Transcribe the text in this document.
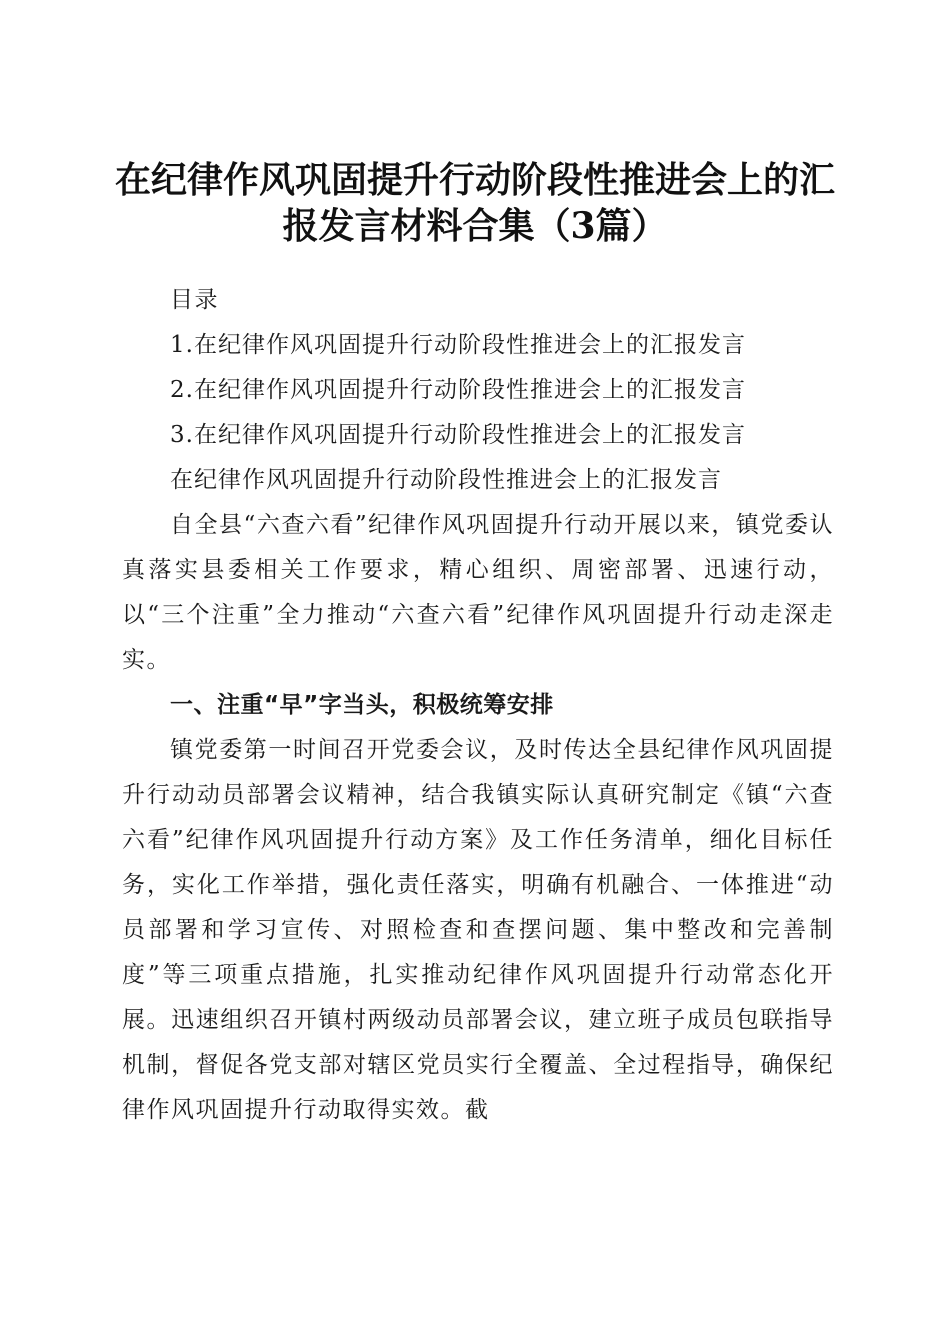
在纪律作风巩固提升行动阶段性推进会上的汇
报发言材料合集（3篇）

目录

1.在纪律作风巩固提升行动阶段性推进会上的汇报发言

2.在纪律作风巩固提升行动阶段性推进会上的汇报发言

3.在纪律作风巩固提升行动阶段性推进会上的汇报发言

在纪律作风巩固提升行动阶段性推进会上的汇报发言

自全县“六查六看”纪律作风巩固提升行动开展以来，镇党委认真落实县委相关工作要求，精心组织、周密部署、迅速行动，以“三个注重”全力推动“六查六看”纪律作风巩固提升行动走深走实。

一、注重“早”字当头，积极统筹安排

镇党委第一时间召开党委会议，及时传达全县纪律作风巩固提升行动动员部署会议精神，结合我镇实际认真研究制定《镇“六查六看”纪律作风巩固提升行动方案》及工作任务清单，细化目标任务，实化工作举措，强化责任落实，明确有机融合、一体推进“动员部署和学习宣传、对照检查和查摆问题、集中整改和完善制度”等三项重点措施，扎实推动纪律作风巩固提升行动常态化开展。迅速组织召开镇村两级动员部署会议，建立班子成员包联指导机制，督促各党支部对辖区党员实行全覆盖、全过程指导，确保纪律作风巩固提升行动取得实效。截
